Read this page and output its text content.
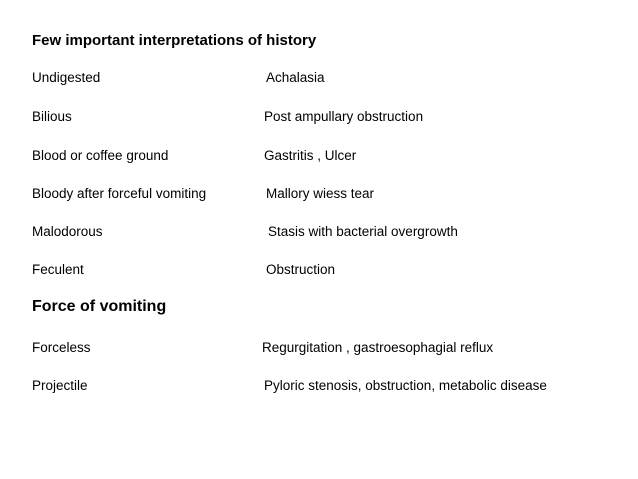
Few important interpretations of history
Undigested	Achalasia
Bilious	Post ampullary obstruction
Blood or coffee ground	Gastritis , Ulcer
Bloody after forceful vomiting	Mallory wiess tear
Malodorous	Stasis with bacterial overgrowth
Feculent	Obstruction
Force of vomiting
Forceless	Regurgitation , gastroesophagial reflux
Projectile	Pyloric stenosis, obstruction, metabolic disease
